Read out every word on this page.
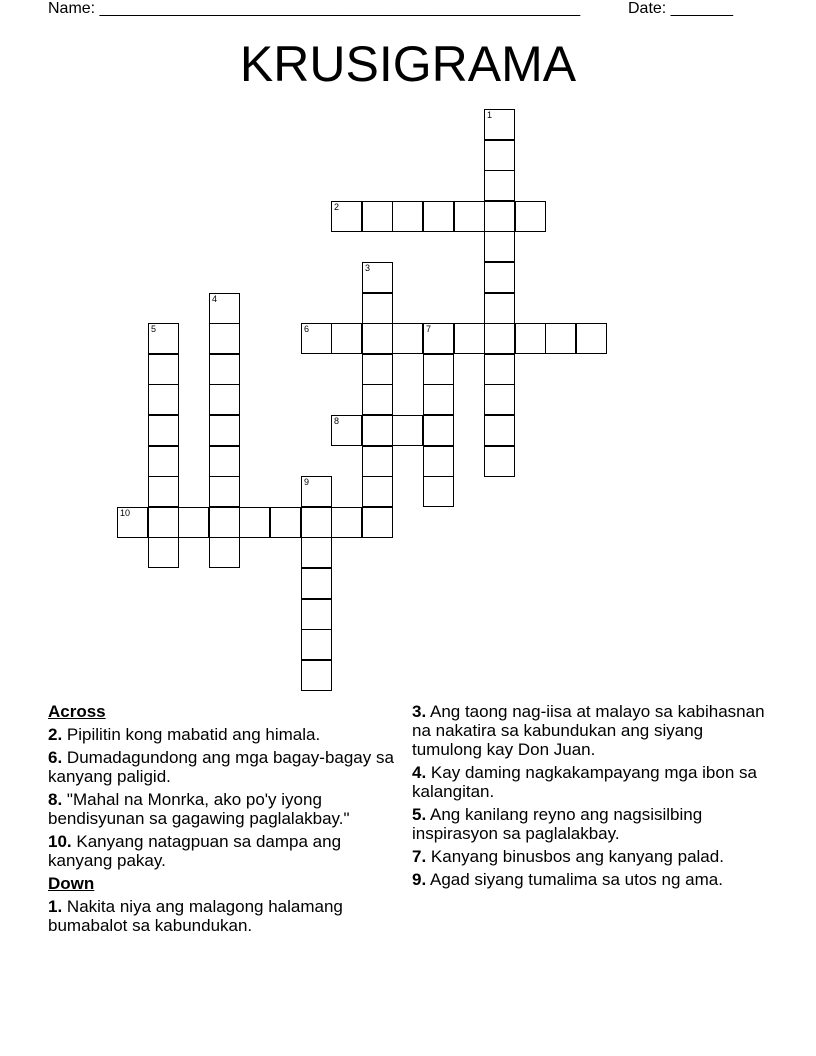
Name: ______________________________________________________	Date: _______
KRUSIGRAMA
1
2
3
4
5	6	7
8
9
10
Across
2. Pipilitin kong mabatid ang himala.
6. Dumadagundong ang mga bagay-bagay sa kanyang paligid.
8. "Mahal na Monrka, ako po'y iyong bendisyunan sa gagawing paglalakbay."
10. Kanyang natagpuan sa dampa ang kanyang pakay.
Down
1. Nakita niya ang malagong halamang bumabalot sa kabundukan.
3. Ang taong nag-iisa at malayo sa kabihasnan na nakatira sa kabundukan ang siyang tumulong kay Don Juan.
4. Kay daming nagkakampayang mga ibon sa kalangitan.
5. Ang kanilang reyno ang nagsisilbing inspirasyon sa paglalakbay.
7. Kanyang binusbos ang kanyang palad.
9. Agad siyang tumalima sa utos ng ama.
